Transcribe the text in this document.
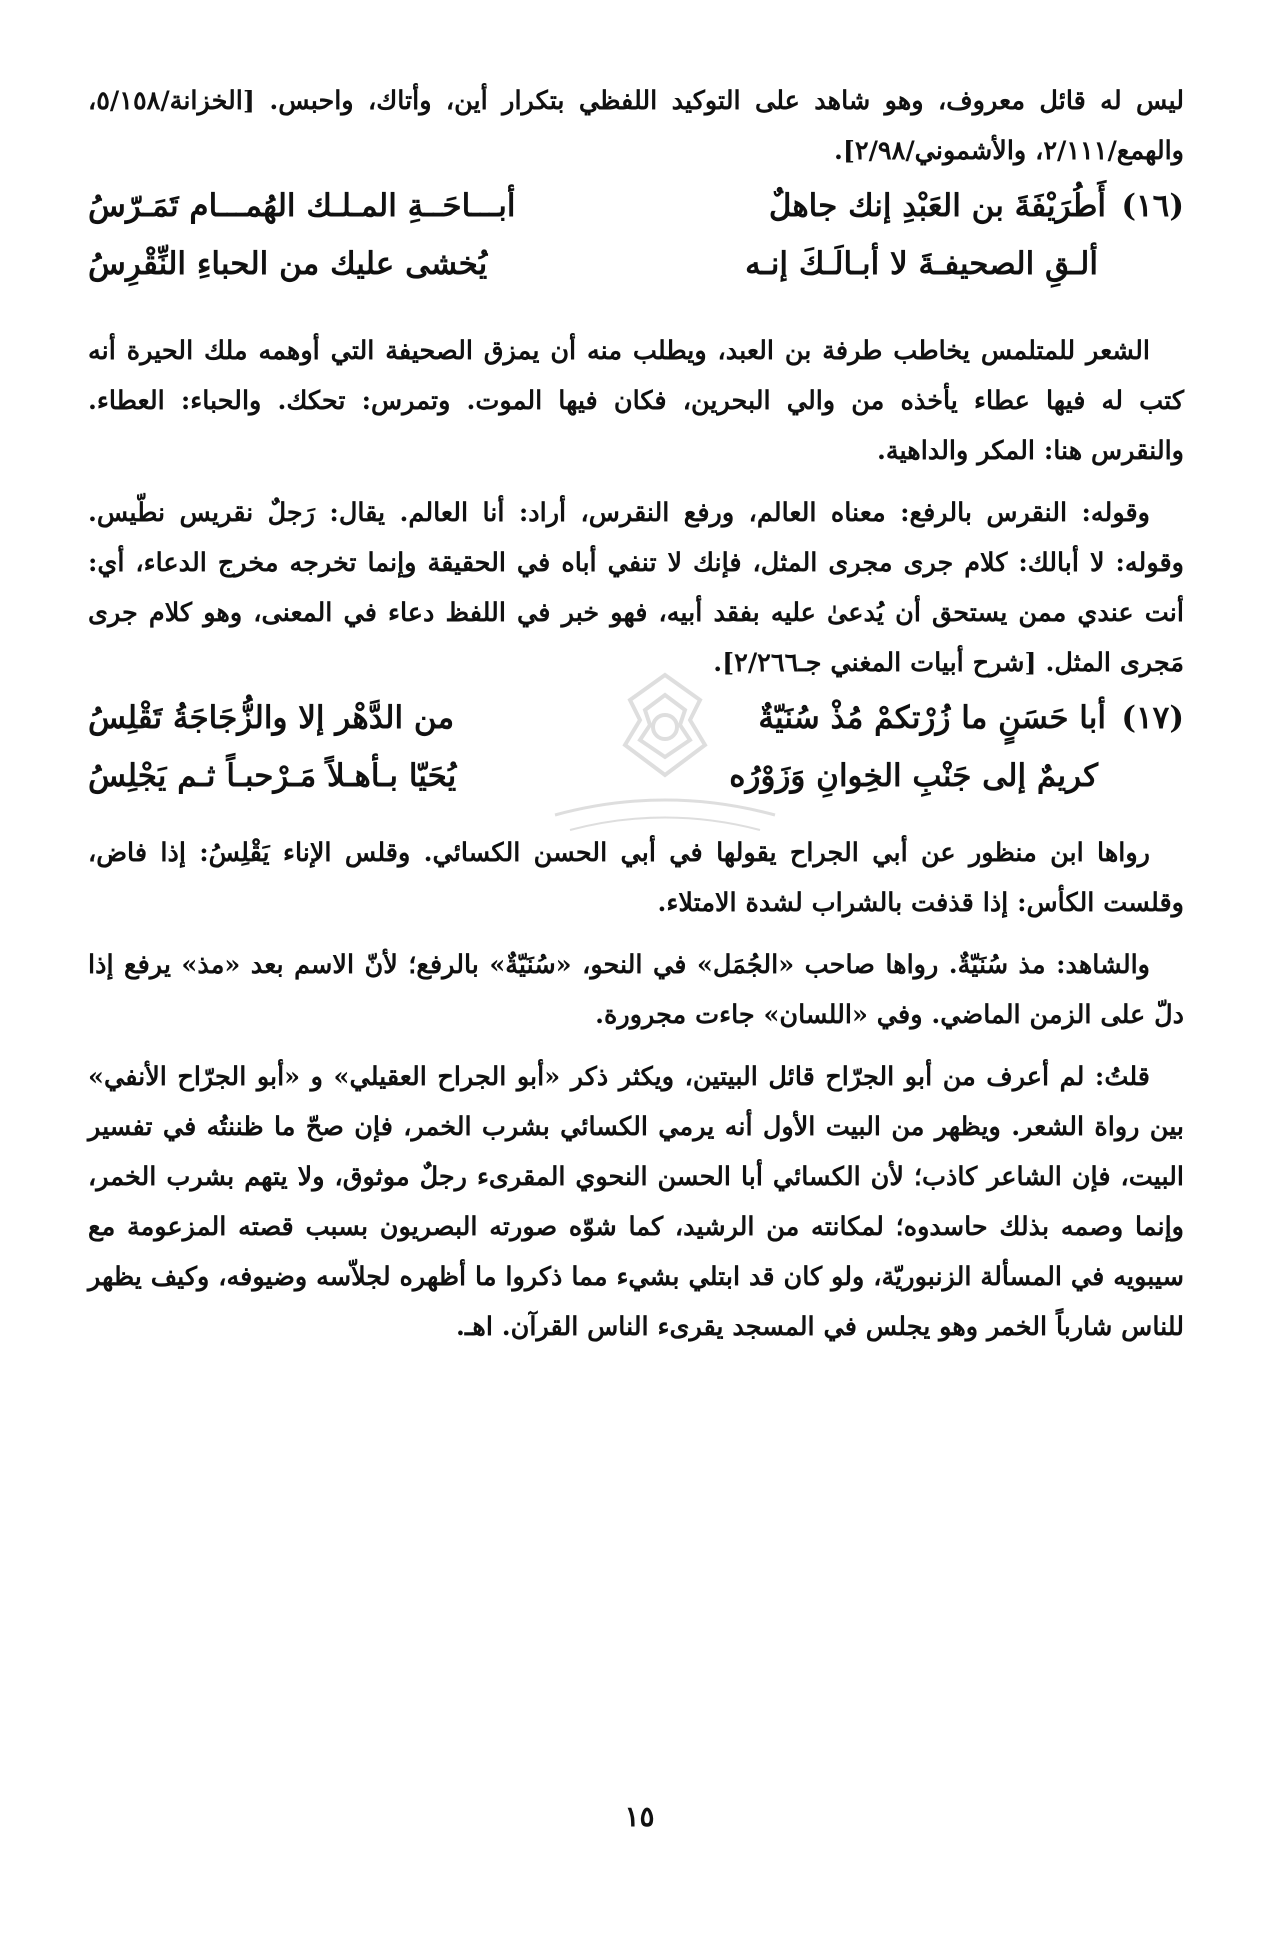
ليس له قائل معروف، وهو شاهد على التوكيد اللفظي بتكرار أين، وأتاك، واحبس. [الخزانة/٥/١٥٨، والهمع/٢/١١١، والأشموني/٢/٩٨].

(١٦)
أَطُرَيْفَةَ بن العَبْدِ إنك جاهلٌ
أبـــاحَــةِ المـلـك الهُمـــام تَمَـرّسُ
ألـقِ الصحيفـةَ لا أبـالَـكَ إنـه
يُخشى عليك من الحباءِ النِّقْرِسُ

الشعر للمتلمس يخاطب طرفة بن العبد، ويطلب منه أن يمزق الصحيفة التي أوهمه ملك الحيرة أنه كتب له فيها عطاء يأخذه من والي البحرين، فكان فيها الموت. وتمرس: تحكك. والحباء: العطاء. والنقرس هنا: المكر والداهية.

وقوله: النقرس بالرفع: معناه العالم، ورفع النقرس، أراد: أنا العالم. يقال: رَجلٌ نقريس نطّيس. وقوله: لا أبالك: كلام جرى مجرى المثل، فإنك لا تنفي أباه في الحقيقة وإنما تخرجه مخرج الدعاء، أي: أنت عندي ممن يستحق أن يُدعىٰ عليه بفقد أبيه، فهو خبر في اللفظ دعاء في المعنى، وهو كلام جرى مَجرى المثل. [شرح أبيات المغني جـ٢/٢٦٦].

(١٧)
أبا حَسَنٍ ما زُرْتكمْ مُذْ سُنَيّةٌ
من الدَّهْر إلا والزُّجَاجَةُ تَقْلِسُ
كريمٌ إلى جَنْبِ الخِوانِ وَزَوْرُه
يُحَيّا بـأهـلاً مَـرْحبـاً ثـم يَجْلِسُ

رواها ابن منظور عن أبي الجراح يقولها في أبي الحسن الكسائي. وقلس الإناء يَقْلِسُ: إذا فاض، وقلست الكأس: إذا قذفت بالشراب لشدة الامتلاء.

والشاهد: مذ سُنَيّةٌ. رواها صاحب «الجُمَل» في النحو، «سُنَيّةٌ» بالرفع؛ لأنّ الاسم بعد «مذ» يرفع إذا دلّ على الزمن الماضي. وفي «اللسان» جاءت مجرورة.

قلتُ: لم أعرف من أبو الجرّاح قائل البيتين، ويكثر ذكر «أبو الجراح العقيلي» و «أبو الجرّاح الأنفي» بين رواة الشعر. ويظهر من البيت الأول أنه يرمي الكسائي بشرب الخمر، فإن صحّ ما ظننتُه في تفسير البيت، فإن الشاعر كاذب؛ لأن الكسائي أبا الحسن النحوي المقرىء رجلٌ موثوق، ولا يتهم بشرب الخمر، وإنما وصمه بذلك حاسدوه؛ لمكانته من الرشيد، كما شوّه صورته البصريون بسبب قصته المزعومة مع سيبويه في المسألة الزنبوريّة، ولو كان قد ابتلي بشيء مما ذكروا ما أظهره لجلاّسه وضيوفه، وكيف يظهر للناس شارباً الخمر وهو يجلس في المسجد يقرىء الناس القرآن. اهـ.

١٥
